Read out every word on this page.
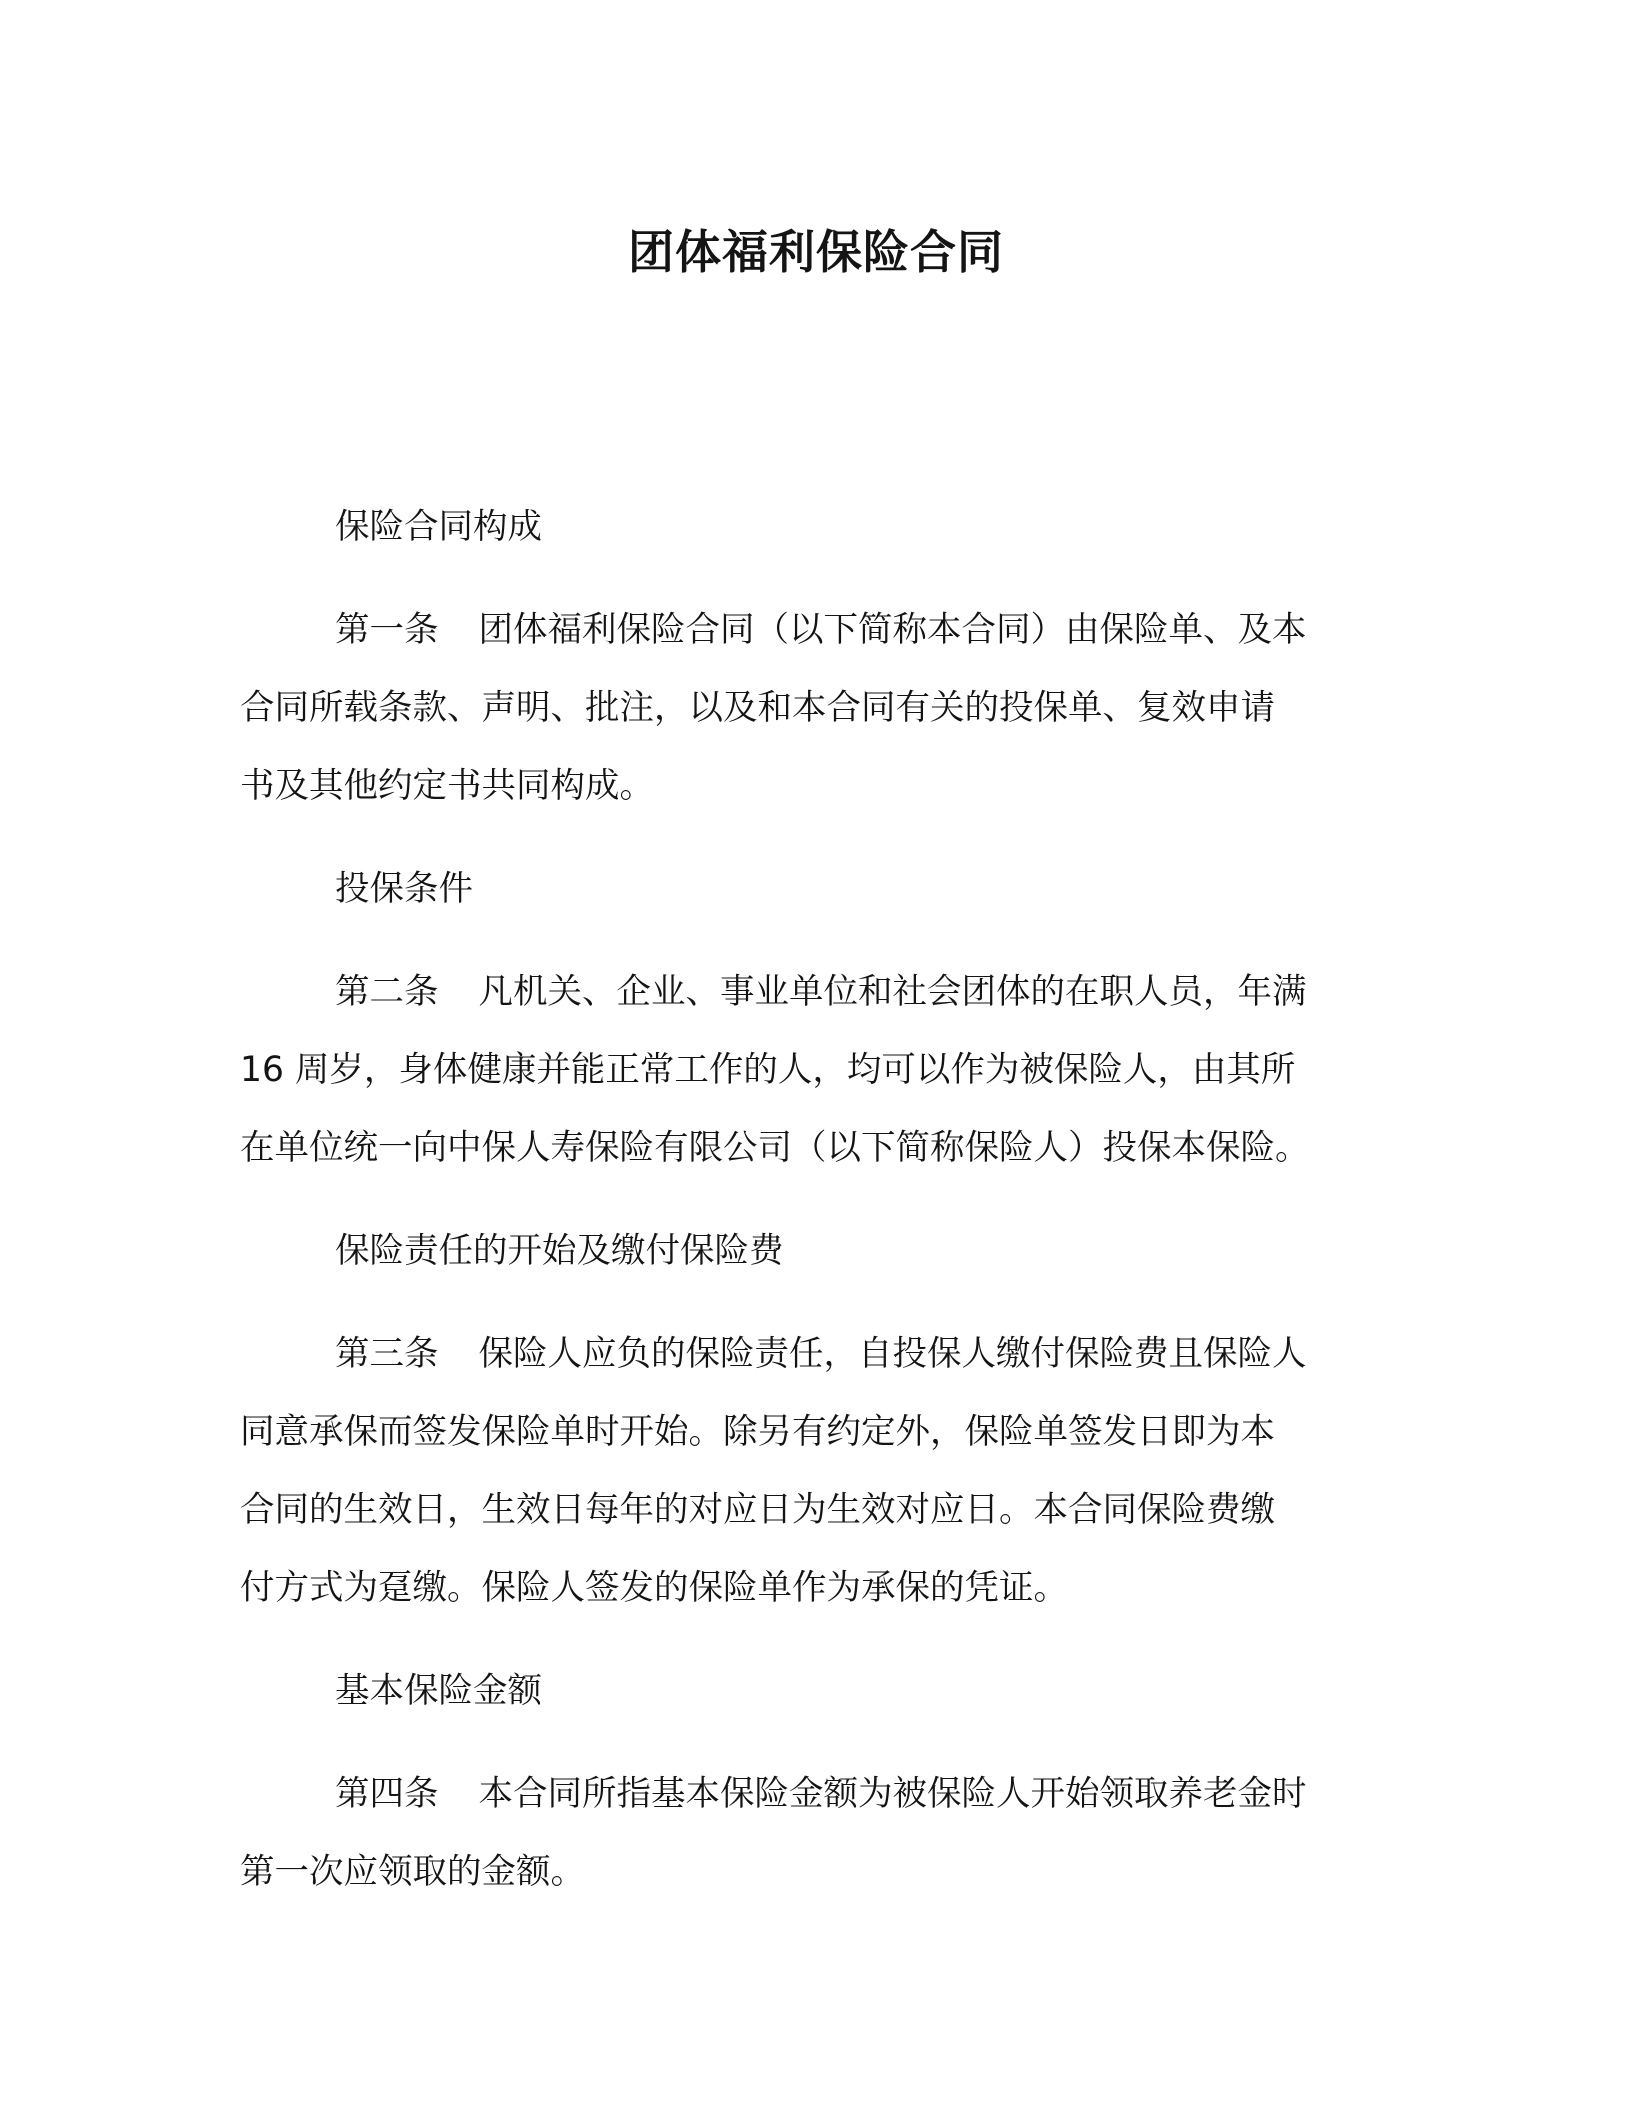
团体福利保险合同
保险合同构成
第一条 团体福利保险合同（以下简称本合同）由保险单、及本
合同所载条款、声明、批注，以及和本合同有关的投保单、复效申请
书及其他约定书共同构成。
投保条件
第二条 凡机关、企业、事业单位和社会团体的在职人员，年满
16 周岁，身体健康并能正常工作的人，均可以作为被保险人，由其所
在单位统一向中保人寿保险有限公司（以下简称保险人）投保本保险。
保险责任的开始及缴付保险费
第三条 保险人应负的保险责任，自投保人缴付保险费且保险人
同意承保而签发保险单时开始。除另有约定外，保险单签发日即为本
合同的生效日，生效日每年的对应日为生效对应日。本合同保险费缴
付方式为趸缴。保险人签发的保险单作为承保的凭证。
基本保险金额
第四条 本合同所指基本保险金额为被保险人开始领取养老金时
第一次应领取的金额。
